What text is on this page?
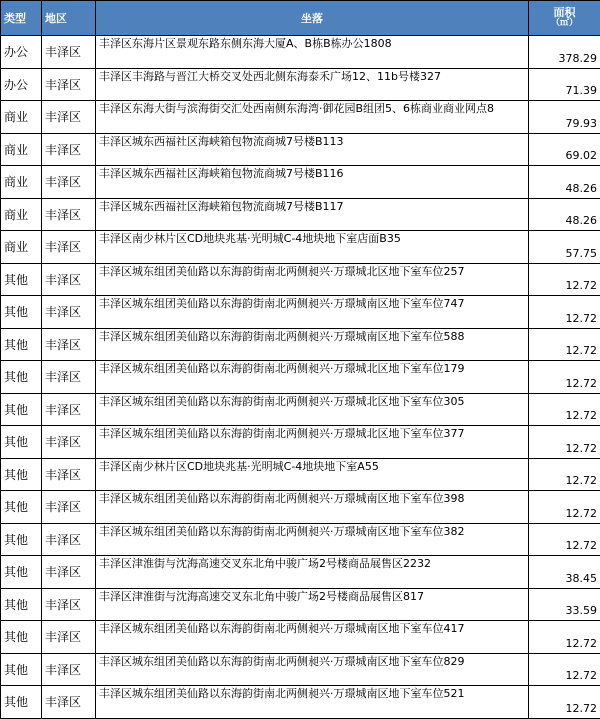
类型	地区	坐落	面积
（㎡）

办公	丰泽区	丰泽区东海片区景观东路东侧东海大厦A、B栋B栋办公1808	378.29
办公	丰泽区	丰泽区丰海路与晋江大桥交叉处西北侧东海泰禾广场12、11b号楼327	71.39
商业	丰泽区	丰泽区东海大街与滨海街交汇处西南侧东海湾·御花园B组团5、6栋商业商业网点8	79.93
商业	丰泽区	丰泽区城东西福社区海峡箱包物流商城7号楼B113	69.02
商业	丰泽区	丰泽区城东西福社区海峡箱包物流商城7号楼B116	48.26
商业	丰泽区	丰泽区城东西福社区海峡箱包物流商城7号楼B117	48.26
商业	丰泽区	丰泽区南少林片区CD地块兆基·光明城C-4地块地下室店面B35	57.75
其他	丰泽区	丰泽区城东组团美仙路以东海韵街南北两侧昶兴·万璟城北区地下室车位257	12.72
其他	丰泽区	丰泽区城东组团美仙路以东海韵街南北两侧昶兴·万璟城南区地下室车位747	12.72
其他	丰泽区	丰泽区城东组团美仙路以东海韵街南北两侧昶兴·万璟城南区地下室车位588	12.72
其他	丰泽区	丰泽区城东组团美仙路以东海韵街南北两侧昶兴·万璟城北区地下室车位179	12.72
其他	丰泽区	丰泽区城东组团美仙路以东海韵街南北两侧昶兴·万璟城北区地下室车位305	12.72
其他	丰泽区	丰泽区城东组团美仙路以东海韵街南北两侧昶兴·万璟城北区地下室车位377	12.72
其他	丰泽区	丰泽区南少林片区CD地块兆基·光明城C-4地块地下室A55	12.72
其他	丰泽区	丰泽区城东组团美仙路以东海韵街南北两侧昶兴·万璟城南区地下室车位398	12.72
其他	丰泽区	丰泽区城东组团美仙路以东海韵街南北两侧昶兴·万璟城南区地下室车位382	12.72
其他	丰泽区	丰泽区津淮街与沈海高速交叉东北角中骏广场2号楼商品展售区2232	38.45
其他	丰泽区	丰泽区津淮街与沈海高速交叉东北角中骏广场2号楼商品展售区817	33.59
其他	丰泽区	丰泽区城东组团美仙路以东海韵街南北两侧昶兴·万璟城南区地下室车位417	12.72
其他	丰泽区	丰泽区城东组团美仙路以东海韵街南北两侧昶兴·万璟城南区地下室车位829	12.72
其他	丰泽区	丰泽区城东组团美仙路以东海韵街南北两侧昶兴·万璟城南区地下室车位521	12.72
